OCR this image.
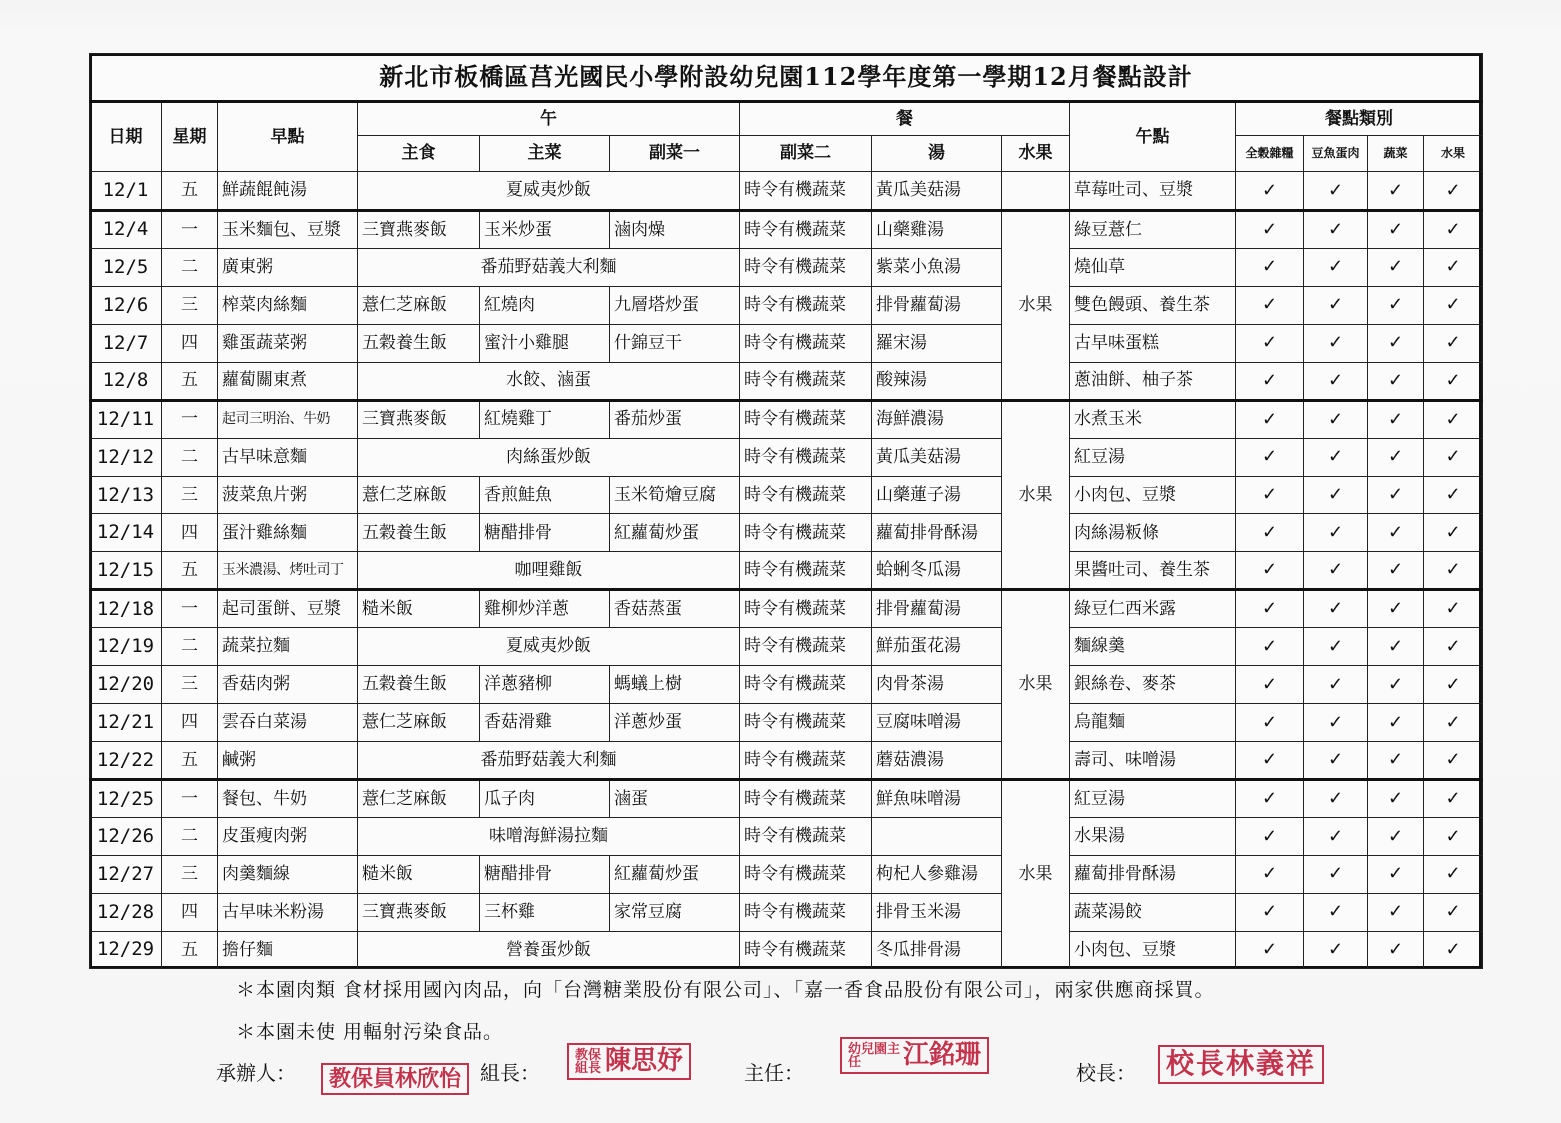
新北市板橋區莒光國民小學附設幼兒園112學年度第一學期12月餐點設計													
日期	星期	早點	午			餐			午點	餐點類別			
			主食	主菜	副菜一	副菜二	湯	水果		全穀雜糧	豆魚蛋肉	蔬菜	水果
12/1	五	鮮蔬餛飩湯	夏威夷炒飯			時令有機蔬菜	黃瓜美菇湯		草莓吐司、豆漿	✓	✓	✓	✓
12/4	一	玉米麵包、豆漿	三寶燕麥飯	玉米炒蛋	滷肉燥	時令有機蔬菜	山藥雞湯	水果	綠豆薏仁	✓	✓	✓	✓
12/5	二	廣東粥	番茄野菇義大利麵			時令有機蔬菜	紫菜小魚湯		燒仙草	✓	✓	✓	✓
12/6	三	榨菜肉絲麵	薏仁芝麻飯	紅燒肉	九層塔炒蛋	時令有機蔬菜	排骨蘿蔔湯		雙色饅頭、養生茶	✓	✓	✓	✓
12/7	四	雞蛋蔬菜粥	五穀養生飯	蜜汁小雞腿	什錦豆干	時令有機蔬菜	羅宋湯		古早味蛋糕	✓	✓	✓	✓
12/8	五	蘿蔔關東煮	水餃、滷蛋			時令有機蔬菜	酸辣湯		蔥油餅、柚子茶	✓	✓	✓	✓
12/11	一	起司三明治、牛奶	三寶燕麥飯	紅燒雞丁	番茄炒蛋	時令有機蔬菜	海鮮濃湯	水果	水煮玉米	✓	✓	✓	✓
12/12	二	古早味意麵	肉絲蛋炒飯			時令有機蔬菜	黃瓜美菇湯		紅豆湯	✓	✓	✓	✓
12/13	三	菠菜魚片粥	薏仁芝麻飯	香煎鮭魚	玉米筍燴豆腐	時令有機蔬菜	山藥蓮子湯		小肉包、豆漿	✓	✓	✓	✓
12/14	四	蛋汁雞絲麵	五穀養生飯	糖醋排骨	紅蘿蔔炒蛋	時令有機蔬菜	蘿蔔排骨酥湯		肉絲湯粄條	✓	✓	✓	✓
12/15	五	玉米濃湯、烤吐司丁	咖哩雞飯			時令有機蔬菜	蛤蜊冬瓜湯		果醬吐司、養生茶	✓	✓	✓	✓
12/18	一	起司蛋餅、豆漿	糙米飯	雞柳炒洋蔥	香菇蒸蛋	時令有機蔬菜	排骨蘿蔔湯	水果	綠豆仁西米露	✓	✓	✓	✓
12/19	二	蔬菜拉麵	夏威夷炒飯			時令有機蔬菜	鮮茄蛋花湯		麵線羹	✓	✓	✓	✓
12/20	三	香菇肉粥	五穀養生飯	洋蔥豬柳	螞蟻上樹	時令有機蔬菜	肉骨茶湯		銀絲卷、麥茶	✓	✓	✓	✓
12/21	四	雲吞白菜湯	薏仁芝麻飯	香菇滑雞	洋蔥炒蛋	時令有機蔬菜	豆腐味噌湯		烏龍麵	✓	✓	✓	✓
12/22	五	鹹粥	番茄野菇義大利麵			時令有機蔬菜	蘑菇濃湯		壽司、味噌湯	✓	✓	✓	✓
12/25	一	餐包、牛奶	薏仁芝麻飯	瓜子肉	滷蛋	時令有機蔬菜	鮮魚味噌湯	水果	紅豆湯	✓	✓	✓	✓
12/26	二	皮蛋瘦肉粥	味噌海鮮湯拉麵			時令有機蔬菜			水果湯	✓	✓	✓	✓
12/27	三	肉羹麵線	糙米飯	糖醋排骨	紅蘿蔔炒蛋	時令有機蔬菜	枸杞人參雞湯		蘿蔔排骨酥湯	✓	✓	✓	✓
12/28	四	古早味米粉湯	三寶燕麥飯	三杯雞	家常豆腐	時令有機蔬菜	排骨玉米湯		蔬菜湯餃	✓	✓	✓	✓
12/29	五	擔仔麵	營養蛋炒飯			時令有機蔬菜	冬瓜排骨湯		小肉包、豆漿	✓	✓	✓	✓
＊本園肉類 食材採用國內肉品，向「台灣糖業股份有限公司」、「嘉一香食品股份有限公司」，兩家供應商採買。
＊本園未使 用輻射污染食品。
承辦人：	教保員林欣怡 組長：
教保組長 陳思妤	主任：
幼兒園主任 江銘珊
校長： 校長林義祥
